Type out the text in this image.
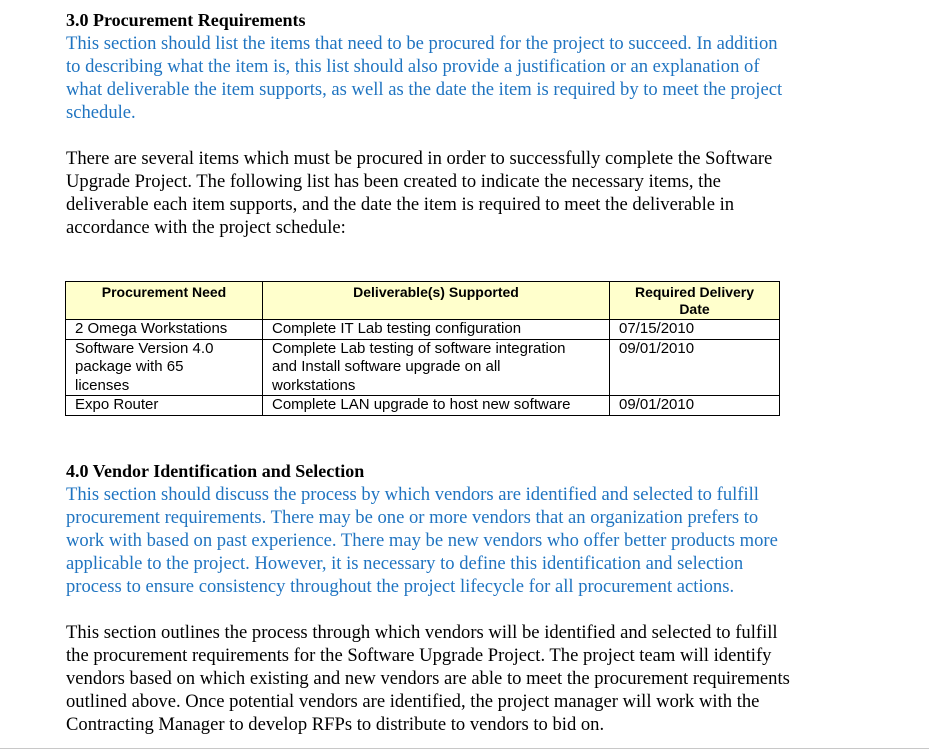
3.0 Procurement Requirements
This section should list the items that need to be procured for the project to succeed. In addition
to describing what the item is, this list should also provide a justification or an explanation of
what deliverable the item supports, as well as the date the item is required by to meet the project
schedule.
There are several items which must be procured in order to successfully complete the Software
Upgrade Project. The following list has been created to indicate the necessary items, the
deliverable each item supports, and the date the item is required to meet the deliverable in
accordance with the project schedule:
Procurement Need	Deliverable(s) Supported	Required Delivery
Date

2 Omega Workstations	Complete IT Lab testing configuration	07/15/2010

Software Version 4.0
package with 65
licenses	Complete Lab testing of software integration
and Install software upgrade on all
workstations	09/01/2010

Expo Router	Complete LAN upgrade to host new software	09/01/2010
4.0 Vendor Identification and Selection
This section should discuss the process by which vendors are identified and selected to fulfill
procurement requirements. There may be one or more vendors that an organization prefers to
work with based on past experience. There may be new vendors who offer better products more
applicable to the project. However, it is necessary to define this identification and selection
process to ensure consistency throughout the project lifecycle for all procurement actions.
This section outlines the process through which vendors will be identified and selected to fulfill
the procurement requirements for the Software Upgrade Project. The project team will identify
vendors based on which existing and new vendors are able to meet the procurement requirements
outlined above. Once potential vendors are identified, the project manager will work with the
Contracting Manager to develop RFPs to distribute to vendors to bid on.
